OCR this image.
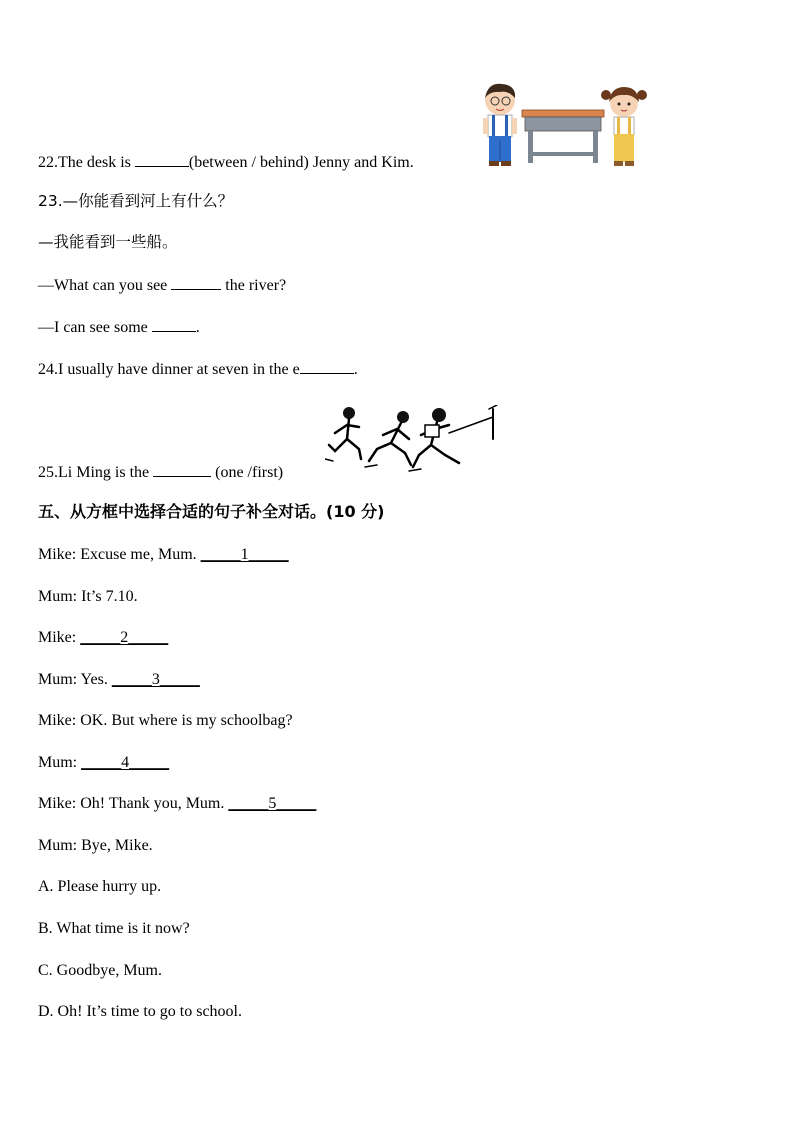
22.The desk is	(between / behind) Jenny and Kim.
23.—你能看到河上有什么？
—我能看到一些船。
—What can you see	the river?
—I can see some	.
24.I usually have dinner at seven in the e	.
25.Li Ming is the	(one /first)
五、从方框中选择合适的句子补全对话。(10 分)
Mike: Excuse me, Mum. _____1_____
Mum: It’s 7.10.
Mike: _____2_____
Mum: Yes. _____3_____
Mike: OK. But where is my schoolbag?
Mum: _____4_____
Mike: Oh! Thank you, Mum. _____5_____
Mum: Bye, Mike.
A. Please hurry up.
B. What time is it now?
C. Goodbye, Mum.
D. Oh! It’s time to go to school.
